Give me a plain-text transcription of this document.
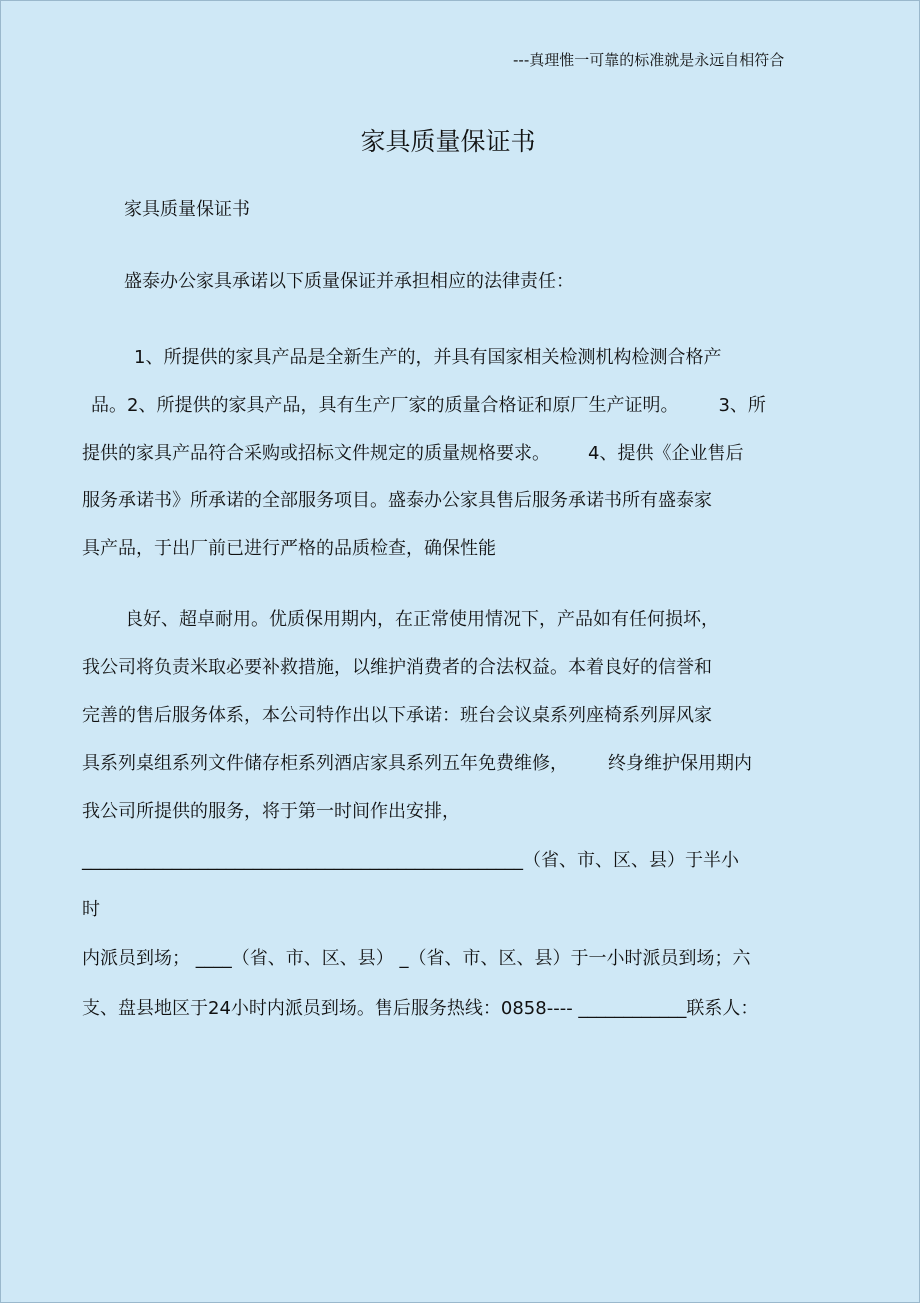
---真理惟一可靠的标准就是永远自相符合
家具质量保证书
家具质量保证书
盛泰办公家具承诺以下质量保证并承担相应的法律责任：
1、所提供的家具产品是全新生产的，并具有国家相关检测机构检测合格产
品。2、所提供的家具产品，具有生产厂家的质量合格证和原厂生产证明。 3、所
提供的家具产品符合采购或招标文件规定的质量规格要求。 4、提供《企业售后
服务承诺书》所承诺的全部服务项目。盛泰办公家具售后服务承诺书所有盛泰家
具产品，于出厂前已进行严格的品质检查，确保性能
良好、超卓耐用。优质保用期内，在正常使用情况下，产品如有任何损坏，
我公司将负责米取必要补救措施，以维护消费者的合法权益。本着良好的信誉和
完善的售后服务体系，本公司特作出以下承诺：班台会议桌系列座椅系列屏风家
具系列桌组系列文件储存柜系列酒店家具系列五年免费维修， 终身维护保用期内
我公司所提供的服务，将于第一时间作出安排，
_________________________________________________（省、市、区、县）于半小
时
内派员到场； ____（省、市、区、县） _（省、市、区、县）于一小时派员到场；六
支、盘县地区于24小时内派员到场。售后服务热线：0858---- ____________联系人：
